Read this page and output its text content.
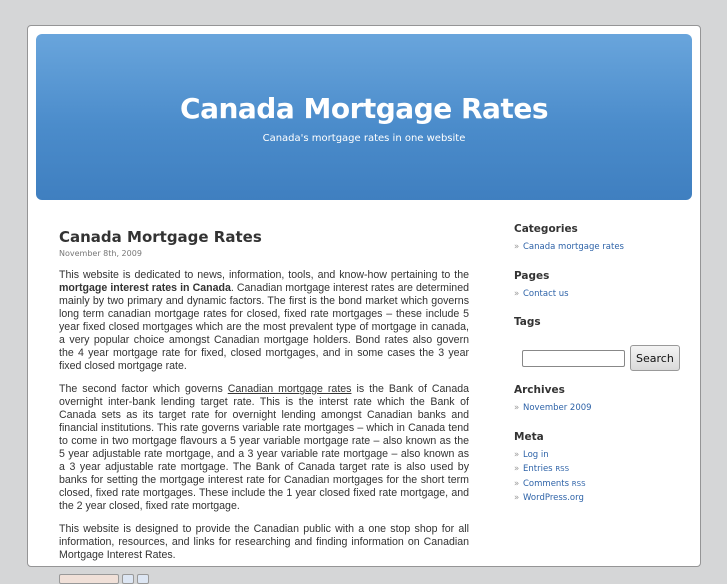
Canada Mortgage Rates
Canada's mortgage rates in one website
Canada Mortgage Rates
November 8th, 2009

This website is dedicated to news, information, tools, and know-how pertaining to the mortgage interest rates in Canada. Canadian mortgage interest rates are determined mainly by two primary and dynamic factors. The first is the bond market which governs long term canadian mortgage rates for closed, fixed rate mortgages – these include 5 year fixed closed mortgages which are the most prevalent type of mortgage in canada, a very popular choice amongst Canadian mortgage holders. Bond rates also govern the 4 year mortgage rate for fixed, closed mortgages, and in some cases the 3 year fixed closed mortgage rate.

The second factor which governs Canadian mortgage rates is the Bank of Canada overnight inter-bank lending target rate. This is the interst rate which the Bank of Canada sets as its target rate for overnight lending amongst Canadian banks and financial institutions. This rate governs variable rate mortgages – which in Canada tend to come in two mortgage flavours a 5 year variable mortgage rate – also known as the 5 year adjustable rate mortgage, and a 3 year variable rate mortgage – also known as a 3 year adjustable rate mortgage. The Bank of Canada target rate is also used by banks for setting the mortgage interest rate for Canadian mortgages for the short term closed, fixed rate mortgages. These include the 1 year closed fixed rate mortgage, and the 2 year closed, fixed rate mortgage.

This website is designed to provide the Canadian public with a one stop shop for all information, resources, and links for researching and finding information on Canadian Mortgage Interest Rates.

Categories
» Canada mortgage rates
Pages
» Contact us
Tags
Search
Archives
» November 2009
Meta
» Log in
» Entries RSS
» Comments RSS
» WordPress.org
